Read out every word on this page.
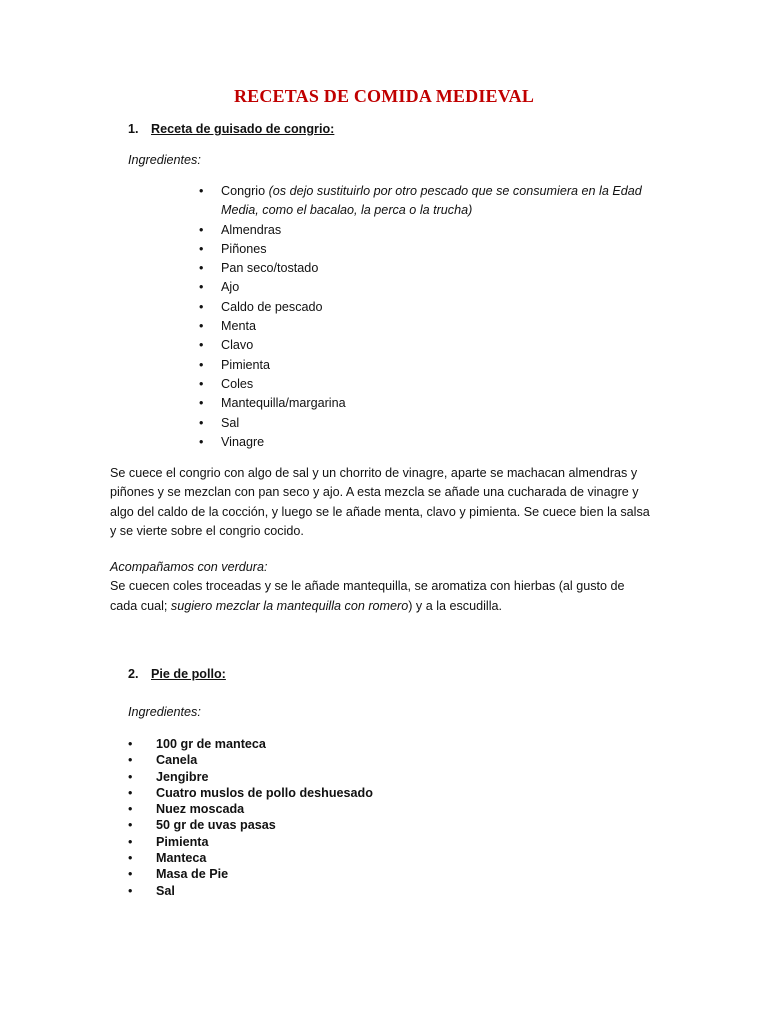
RECETAS DE COMIDA MEDIEVAL
1. Receta de guisado de congrio:
Ingredientes:
• Congrio (os dejo sustituirlo por otro pescado que se consumiera en la Edad Media, como el bacalao, la perca o la trucha)
• Almendras
• Piñones
• Pan seco/tostado
• Ajo
• Caldo de pescado
• Menta
• Clavo
• Pimienta
• Coles
• Mantequilla/margarina
• Sal
• Vinagre
Se cuece el congrio con algo de sal y un chorrito de vinagre, aparte se machacan almendras y
piñones y se mezclan con pan seco y ajo. A esta mezcla se añade una cucharada de vinagre y
algo del caldo de la cocción, y luego se le añade menta, clavo y pimienta. Se cuece bien la salsa
y se vierte sobre el congrio cocido.
Acompañamos con verdura:
Se cuecen coles troceadas y se le añade mantequilla, se aromatiza con hierbas (al gusto de
cada cual; sugiero mezclar la mantequilla con romero) y a la escudilla.
2. Pie de pollo:
Ingredientes:
• 100 gr de manteca
• Canela
• Jengibre
• Cuatro muslos de pollo deshuesado
• Nuez moscada
• 50 gr de uvas pasas
• Pimienta
• Manteca
• Masa de Pie
• Sal
